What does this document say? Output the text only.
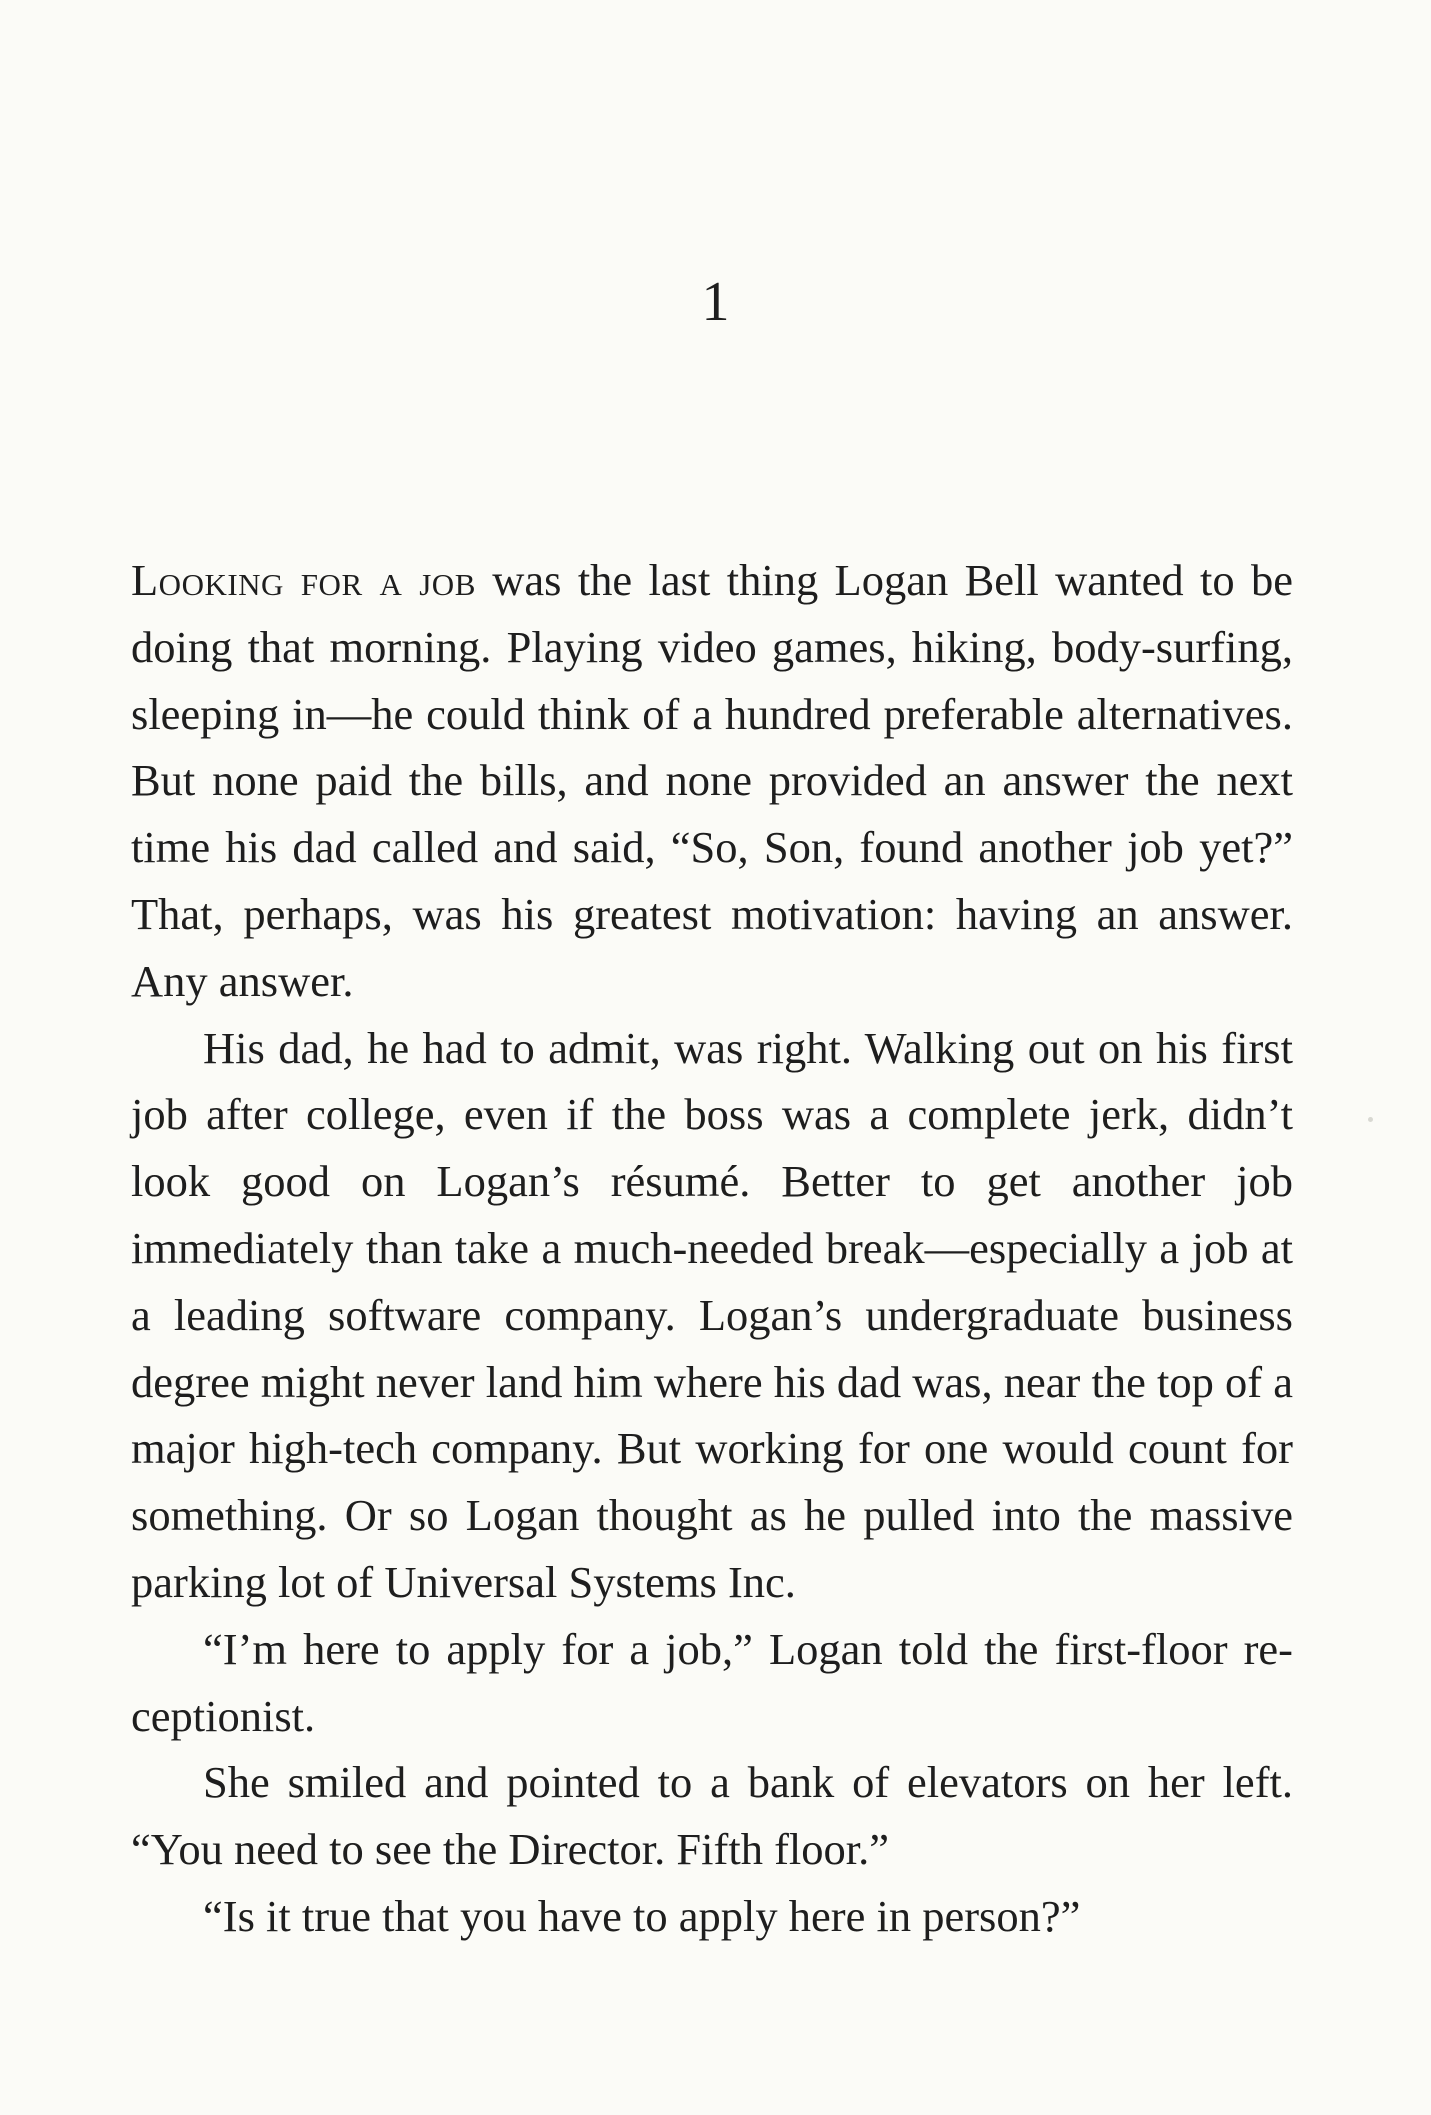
1

Looking for a job was the last thing Logan Bell wanted to be doing that morning. Playing video games, hiking, body-surfing, sleeping in—he could think of a hundred preferable alternatives. But none paid the bills, and none provided an answer the next time his dad called and said, “So, Son, found another job yet?” That, perhaps, was his greatest motivation: having an answer. Any answer.

His dad, he had to admit, was right. Walking out on his first job after college, even if the boss was a complete jerk, didn’t look good on Logan’s résumé. Better to get another job immediately than take a much-needed break—especially a job at a leading software company. Logan’s undergraduate business degree might never land him where his dad was, near the top of a major high-tech company. But working for one would count for something. Or so Logan thought as he pulled into the massive parking lot of Universal Systems Inc.

“I’m here to apply for a job,” Logan told the first-floor re-ceptionist.

She smiled and pointed to a bank of elevators on her left. “You need to see the Director. Fifth floor.”

“Is it true that you have to apply here in person?”
